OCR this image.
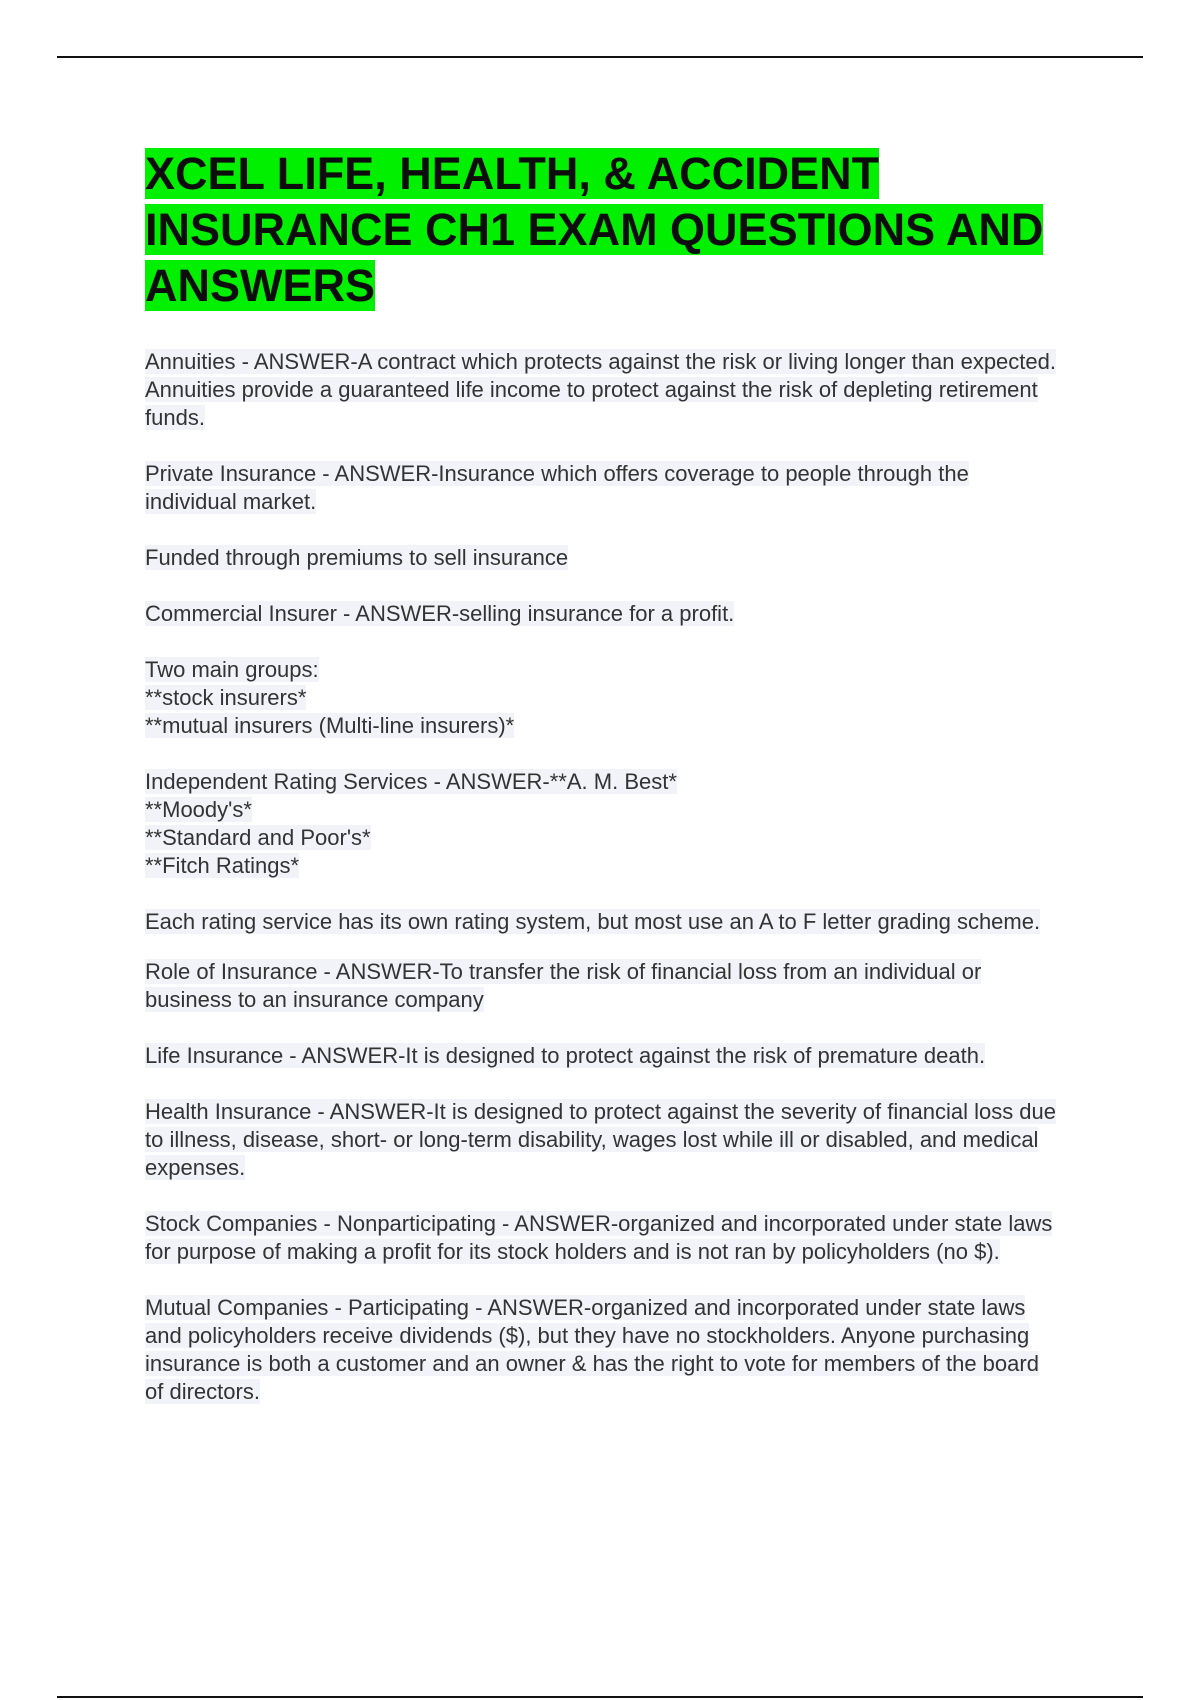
XCEL LIFE, HEALTH, & ACCIDENT INSURANCE CH1 EXAM QUESTIONS AND ANSWERS

Annuities - ANSWER-A contract which protects against the risk or living longer than expected. Annuities provide a guaranteed life income to protect against the risk of depleting retirement funds.

Private Insurance - ANSWER-Insurance which offers coverage to people through the individual market.

Funded through premiums to sell insurance

Commercial Insurer - ANSWER-selling insurance for a profit.

Two main groups:
**stock insurers*
**mutual insurers (Multi-line insurers)*

Independent Rating Services - ANSWER-**A. M. Best*
**Moody's*
**Standard and Poor's*
**Fitch Ratings*

Each rating service has its own rating system, but most use an A to F letter grading scheme.

Role of Insurance - ANSWER-To transfer the risk of financial loss from an individual or business to an insurance company

Life Insurance - ANSWER-It is designed to protect against the risk of premature death.

Health Insurance - ANSWER-It is designed to protect against the severity of financial loss due to illness, disease, short- or long-term disability, wages lost while ill or disabled, and medical expenses.

Stock Companies - Nonparticipating - ANSWER-organized and incorporated under state laws for purpose of making a profit for its stock holders and is not ran by policyholders (no $).

Mutual Companies - Participating - ANSWER-organized and incorporated under state laws and policyholders receive dividends ($), but they have no stockholders. Anyone purchasing insurance is both a customer and an owner & has the right to vote for members of the board of directors.
